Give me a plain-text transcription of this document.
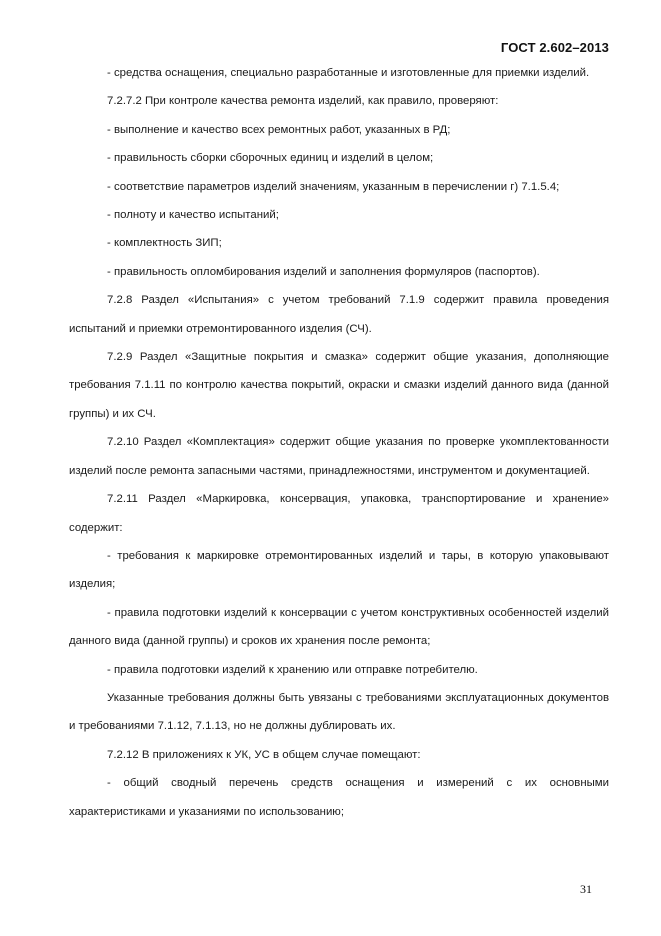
ГОСТ 2.602–2013

- средства оснащения, специально разработанные и изготовленные для приемки изделий.

7.2.7.2 При контроле качества ремонта изделий, как правило, проверяют:

- выполнение и качество всех ремонтных работ, указанных в РД;

- правильность сборки сборочных единиц и изделий в целом;

- соответствие параметров изделий значениям, указанным в перечислении г) 7.1.5.4;

- полноту и качество испытаний;

- комплектность ЗИП;

- правильность опломбирования изделий и заполнения формуляров (паспортов).

7.2.8 Раздел «Испытания» с учетом требований 7.1.9 содержит правила проведения испытаний и приемки отремонтированного изделия (СЧ).

7.2.9 Раздел «Защитные покрытия и смазка» содержит общие указания, дополняющие требования 7.1.11 по контролю качества покрытий, окраски и смазки изделий данного вида (данной группы) и их СЧ.

7.2.10 Раздел «Комплектация» содержит общие указания по проверке укомплектованности изделий после ремонта запасными частями, принадлежностями, инструментом и документацией.

7.2.11 Раздел «Маркировка, консервация, упаковка, транспортирование и хранение» содержит:

- требования к маркировке отремонтированных изделий и тары, в которую упаковывают изделия;

- правила подготовки изделий к консервации с учетом конструктивных особенностей изделий данного вида (данной группы) и сроков их хранения после ремонта;

- правила подготовки изделий к хранению или отправке потребителю.

Указанные требования должны быть увязаны с требованиями эксплуатационных документов и требованиями 7.1.12, 7.1.13, но не должны дублировать их.

7.2.12 В приложениях к УК, УС в общем случае помещают:

- общий сводный перечень средств оснащения и измерений с их основными характеристиками и указаниями по использованию;

31
